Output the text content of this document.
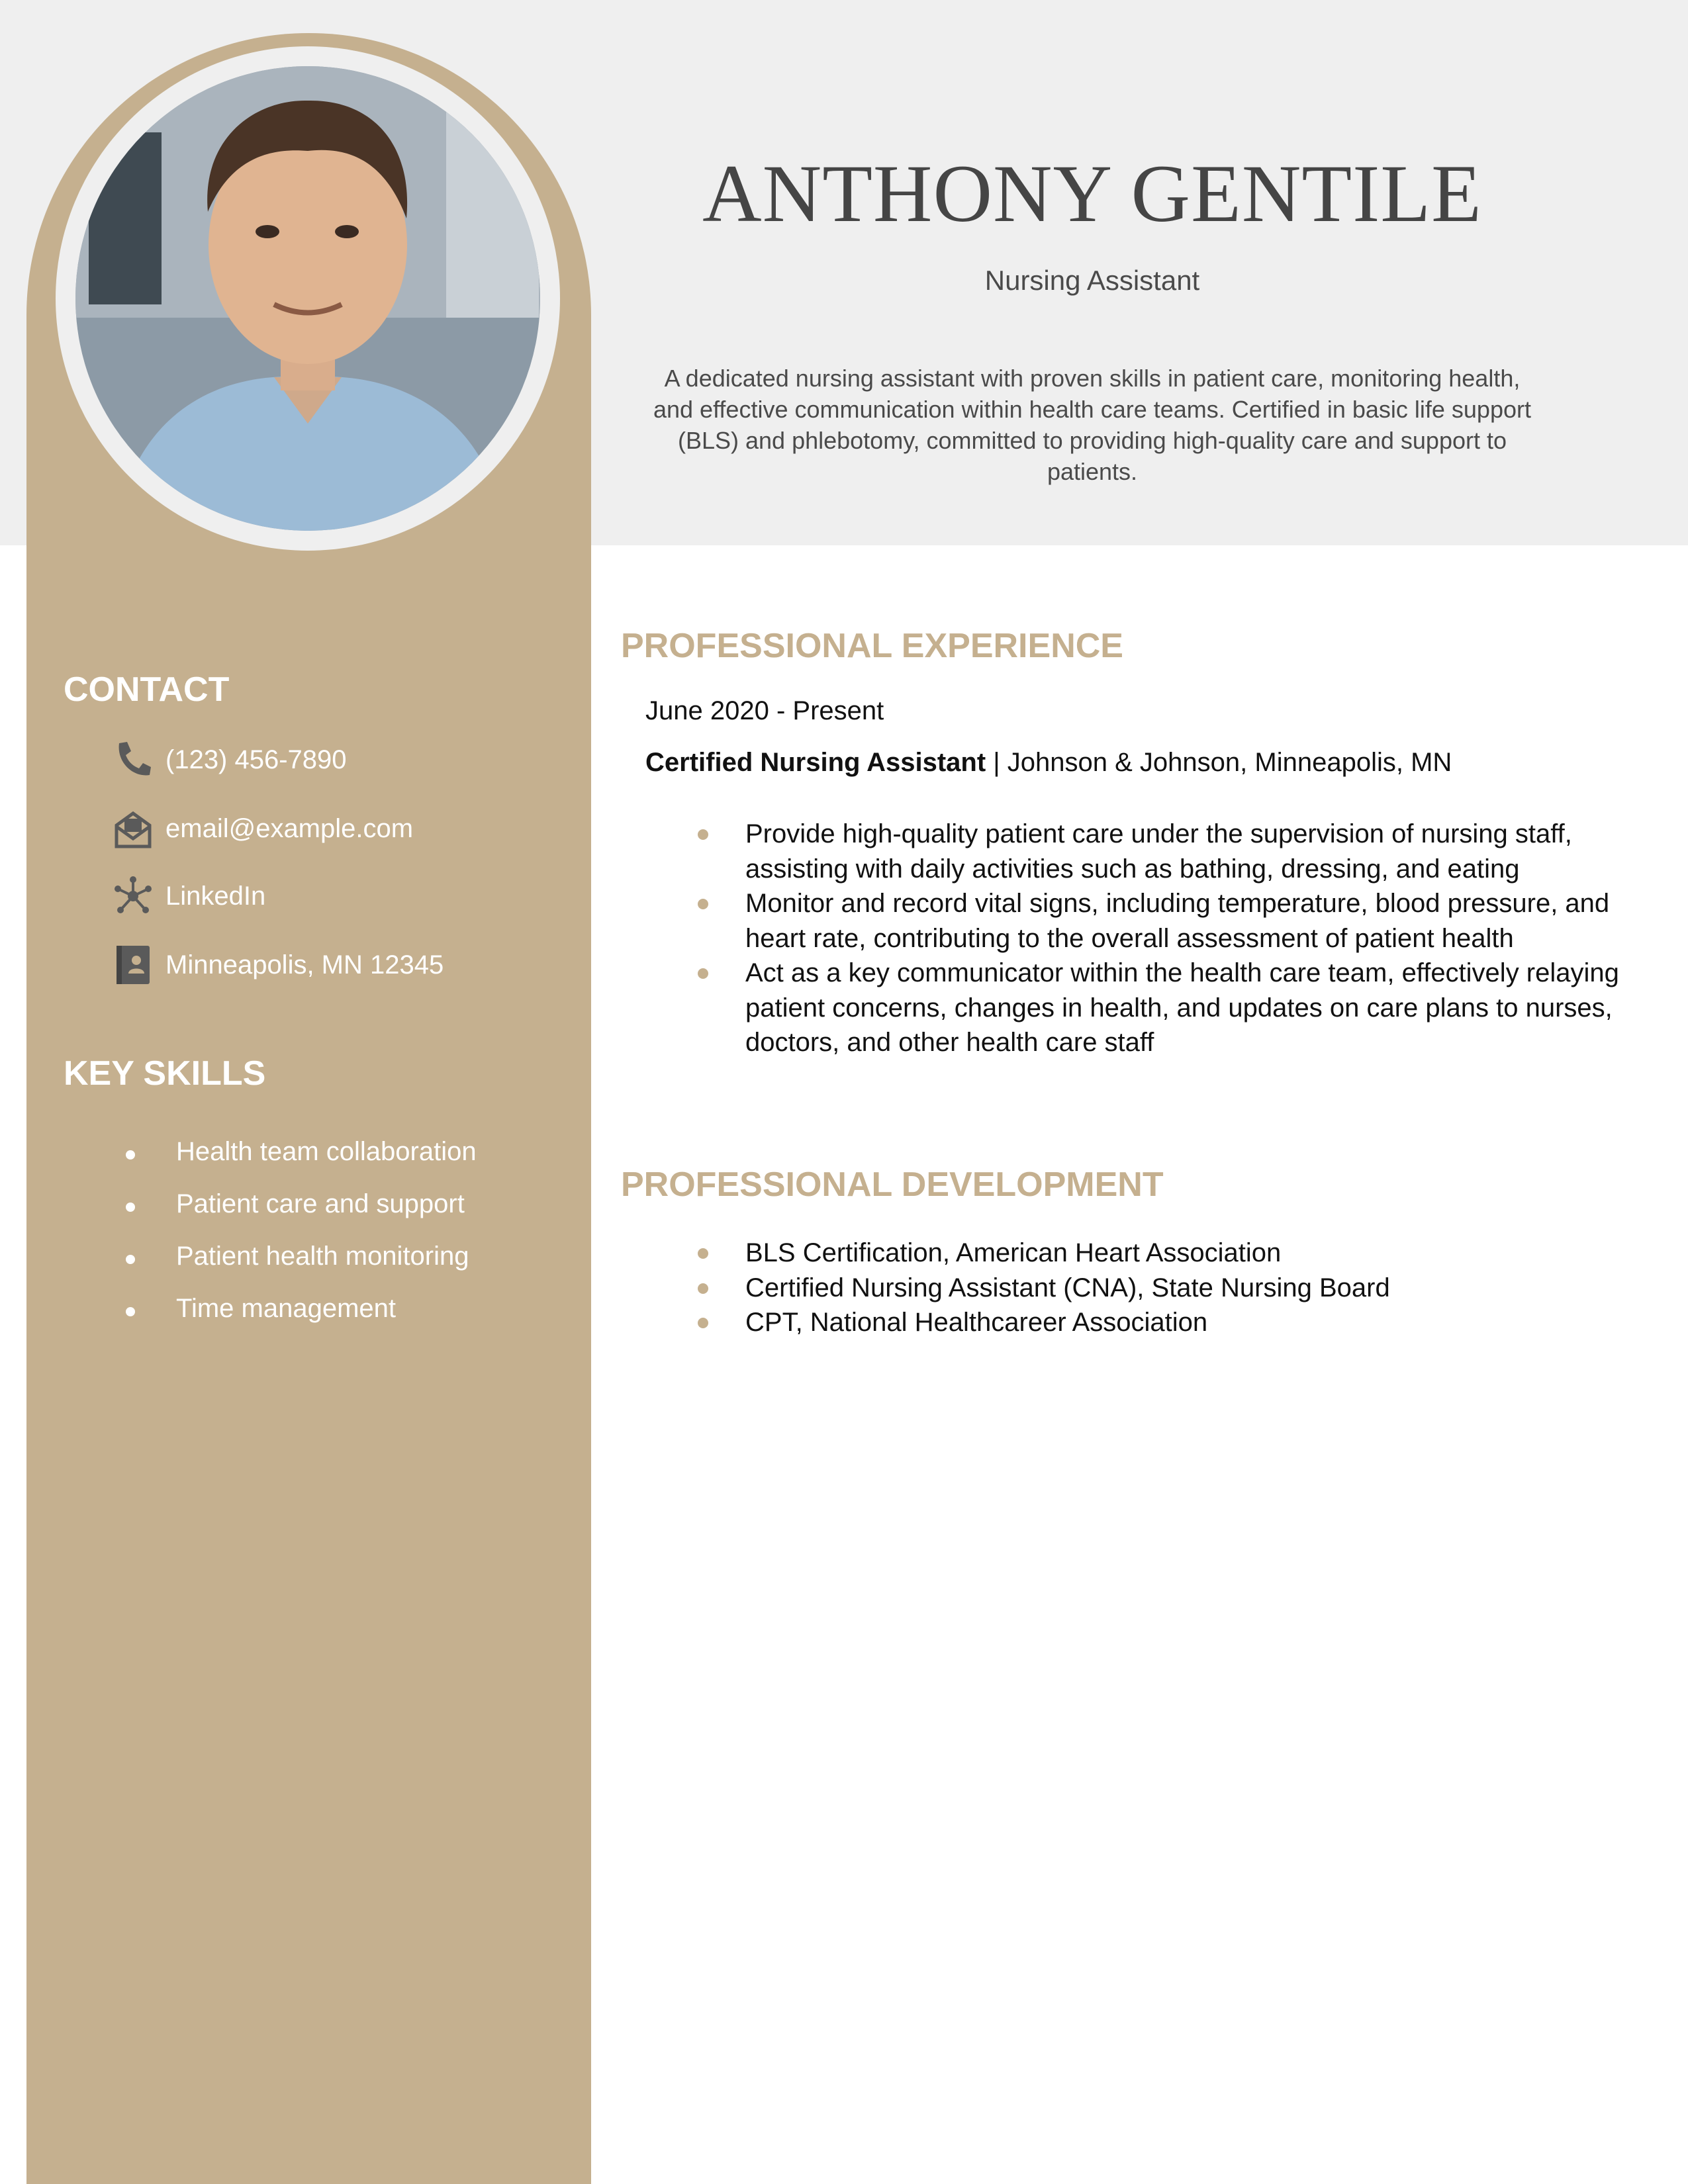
ANTHONY GENTILE
Nursing Assistant

A dedicated nursing assistant with proven skills in patient care, monitoring health, and effective communication within health care teams. Certified in basic life support (BLS) and phlebotomy, committed to providing high-quality care and support to patients.

CONTACT
(123) 456-7890
email@example.com
LinkedIn
Minneapolis, MN 12345
KEY SKILLS
Health team collaboration
Patient care and support
Patient health monitoring
Time management
PROFESSIONAL EXPERIENCE
June 2020 - Present
Certified Nursing Assistant | Johnson & Johnson, Minneapolis, MN
Provide high-quality patient care under the supervision of nursing staff, assisting with daily activities such as bathing, dressing, and eating
Monitor and record vital signs, including temperature, blood pressure, and heart rate, contributing to the overall assessment of patient health
Act as a key communicator within the health care team, effectively relaying patient concerns, changes in health, and updates on care plans to nurses, doctors, and other health care staff
PROFESSIONAL DEVELOPMENT
BLS Certification, American Heart Association
Certified Nursing Assistant (CNA), State Nursing Board
CPT, National Healthcareer Association
